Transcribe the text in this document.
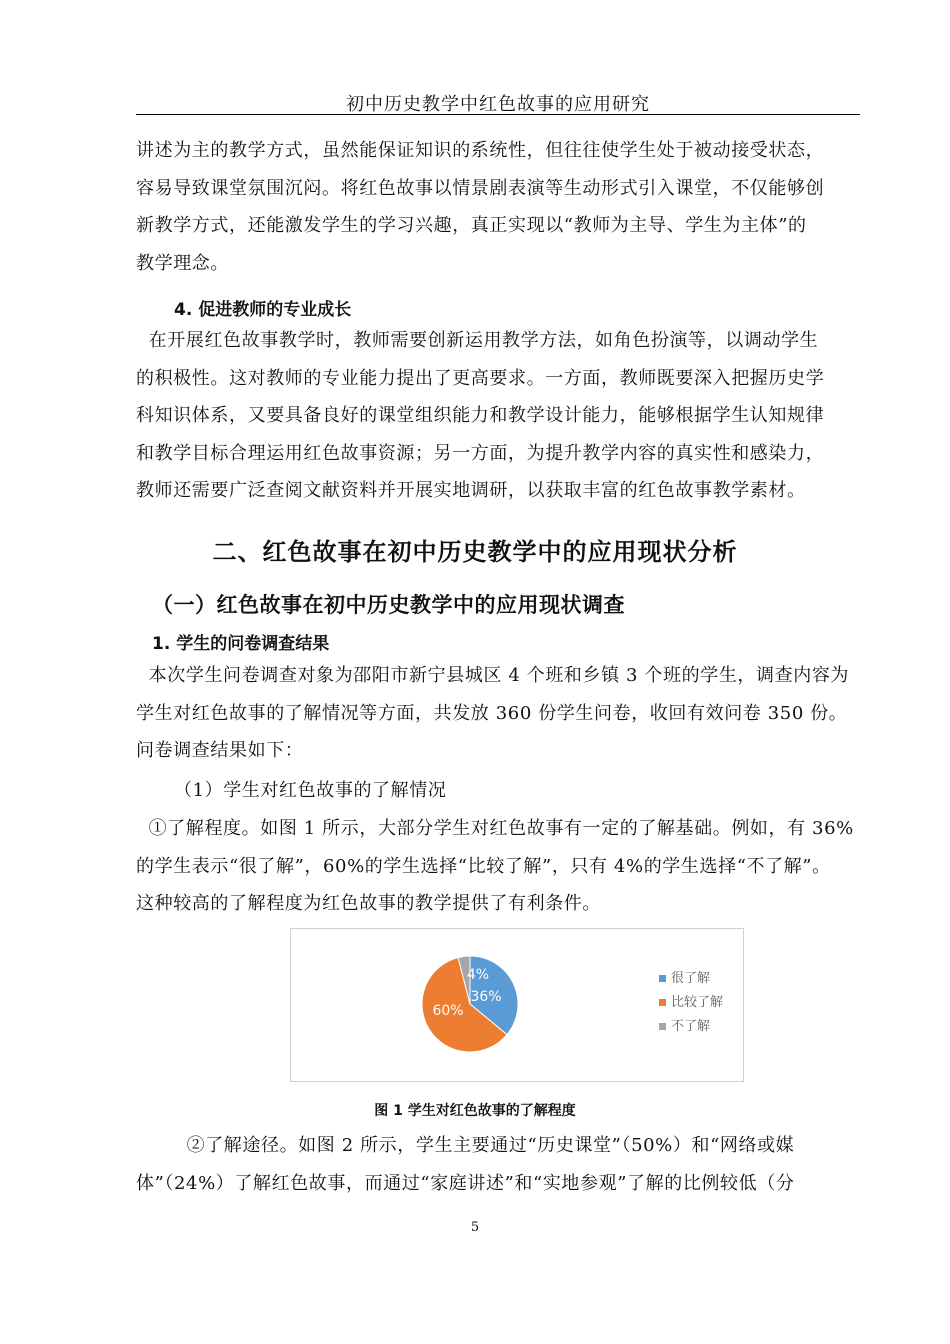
初中历史教学中红色故事的应用研究
讲述为主的教学方式，虽然能保证知识的系统性，但往往使学生处于被动接受状态，
容易导致课堂氛围沉闷。将红色故事以情景剧表演等生动形式引入课堂，不仅能够创
新教学方式，还能激发学生的学习兴趣，真正实现以“教师为主导、学生为主体”的
教学理念。
4. 促进教师的专业成长
在开展红色故事教学时，教师需要创新运用教学方法，如角色扮演等，以调动学生
的积极性。这对教师的专业能力提出了更高要求。一方面，教师既要深入把握历史学
科知识体系，又要具备良好的课堂组织能力和教学设计能力，能够根据学生认知规律
和教学目标合理运用红色故事资源；另一方面，为提升教学内容的真实性和感染力，
教师还需要广泛查阅文献资料并开展实地调研，以获取丰富的红色故事教学素材。
二、红色故事在初中历史教学中的应用现状分析
（一）红色故事在初中历史教学中的应用现状调查
1. 学生的问卷调查结果
本次学生问卷调查对象为邵阳市新宁县城区 4 个班和乡镇 3 个班的学生，调查内容为
学生对红色故事的了解情况等方面，共发放 360 份学生问卷，收回有效问卷 350 份。
问卷调查结果如下：
（1）学生对红色故事的了解情况
①了解程度。如图 1 所示，大部分学生对红色故事有一定的了解基础。例如，有 36%
的学生表示“很了解”，60%的学生选择“比较了解”，只有 4%的学生选择“不了解”。
这种较高的了解程度为红色故事的教学提供了有利条件。
36%
60%
4%	很了解
比较了解
不了解
图 1 学生对红色故事的了解程度
②了解途径。如图 2 所示，学生主要通过“历史课堂”（50%）和“网络或媒
体”（24%）了解红色故事，而通过“家庭讲述”和“实地参观”了解的比例较低（分
5
